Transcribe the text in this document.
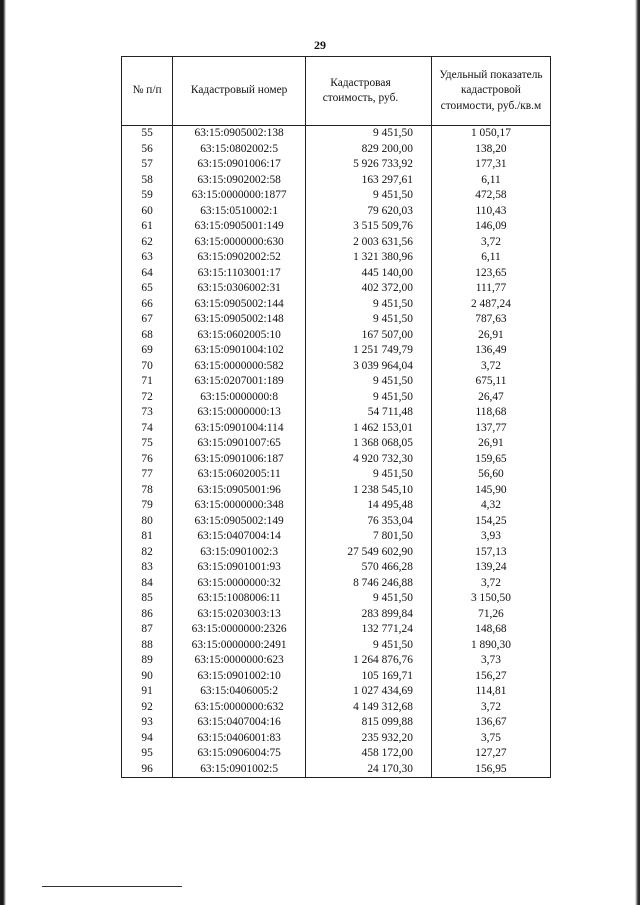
29
№ п/п	Кадастровый номер	Кадастровая стоимость, руб.	Удельный показатель кадастровой стоимости, руб./кв.м
55	63:15:0905002:138	9 451,50	1 050,17
56	63:15:0802002:5	829 200,00	138,20
57	63:15:0901006:17	5 926 733,92	177,31
58	63:15:0902002:58	163 297,61	6,11
59	63:15:0000000:1877	9 451,50	472,58
60	63:15:0510002:1	79 620,03	110,43
61	63:15:0905001:149	3 515 509,76	146,09
62	63:15:0000000:630	2 003 631,56	3,72
63	63:15:0902002:52	1 321 380,96	6,11
64	63:15:1103001:17	445 140,00	123,65
65	63:15:0306002:31	402 372,00	111,77
66	63:15:0905002:144	9 451,50	2 487,24
67	63:15:0905002:148	9 451,50	787,63
68	63:15:0602005:10	167 507,00	26,91
69	63:15:0901004:102	1 251 749,79	136,49
70	63:15:0000000:582	3 039 964,04	3,72
71	63:15:0207001:189	9 451,50	675,11
72	63:15:0000000:8	9 451,50	26,47
73	63:15:0000000:13	54 711,48	118,68
74	63:15:0901004:114	1 462 153,01	137,77
75	63:15:0901007:65	1 368 068,05	26,91
76	63:15:0901006:187	4 920 732,30	159,65
77	63:15:0602005:11	9 451,50	56,60
78	63:15:0905001:96	1 238 545,10	145,90
79	63:15:0000000:348	14 495,48	4,32
80	63:15:0905002:149	76 353,04	154,25
81	63:15:0407004:14	7 801,50	3,93
82	63:15:0901002:3	27 549 602,90	157,13
83	63:15:0901001:93	570 466,28	139,24
84	63:15:0000000:32	8 746 246,88	3,72
85	63:15:1008006:11	9 451,50	3 150,50
86	63:15:0203003:13	283 899,84	71,26
87	63:15:0000000:2326	132 771,24	148,68
88	63:15:0000000:2491	9 451,50	1 890,30
89	63:15:0000000:623	1 264 876,76	3,73
90	63:15:0901002:10	105 169,71	156,27
91	63:15:0406005:2	1 027 434,69	114,81
92	63:15:0000000:632	4 149 312,68	3,72
93	63:15:0407004:16	815 099,88	136,67
94	63:15:0406001:83	235 932,20	3,75
95	63:15:0906004:75	458 172,00	127,27
96	63:15:0901002:5	24 170,30	156,95
